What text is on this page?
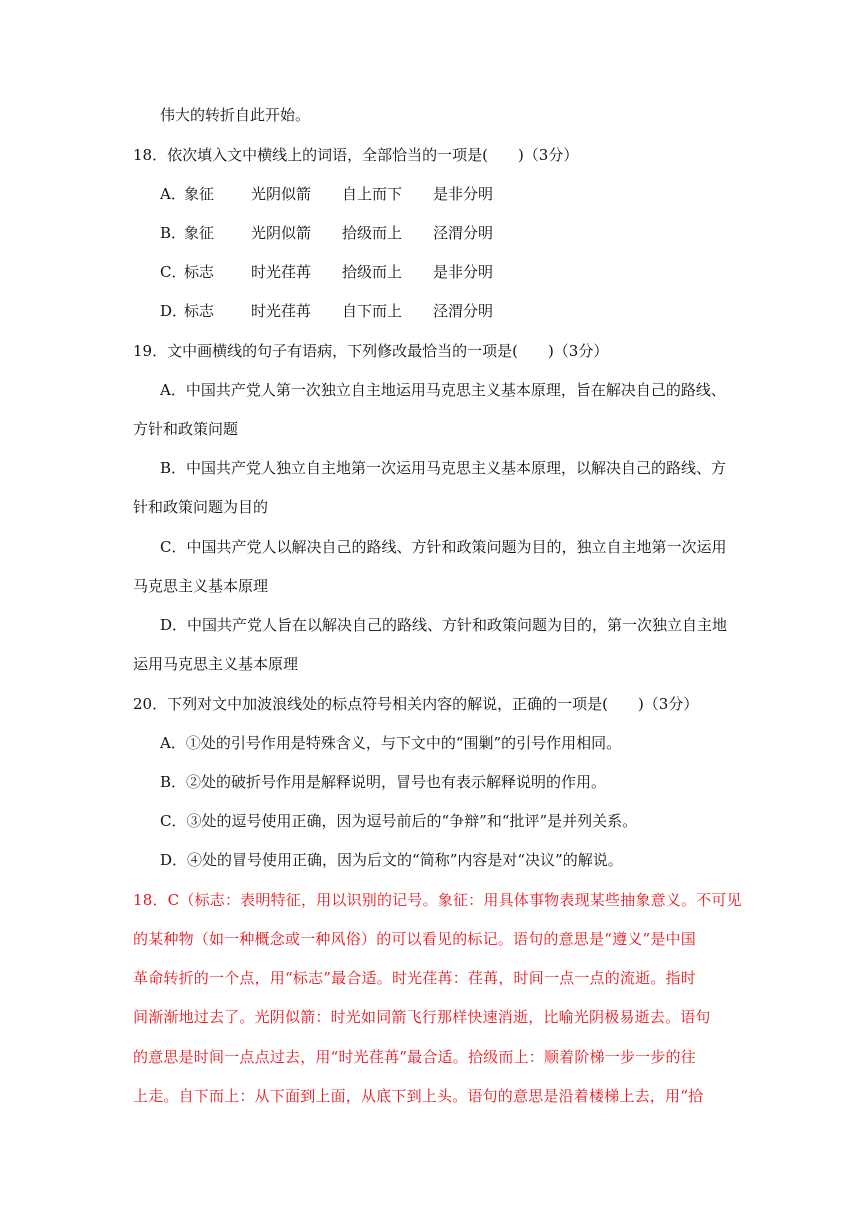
伟大的转折自此开始。
18．依次填入文中横线上的词语，全部恰当的一项是(　　)（3分）
A．
象征 光阴似箭 自上而下 是非分明
B．
象征 光阴似箭 拾级而上 泾渭分明
C．
标志 时光荏苒 拾级而上 是非分明
D．
标志 时光荏苒 自下而上 泾渭分明
19．文中画横线的句子有语病，下列修改最恰当的一项是(　　)（3分）
A．中国共产党人第一次独立自主地运用马克思主义基本原理，旨在解决自己的路线、
方针和政策问题
B．中国共产党人独立自主地第一次运用马克思主义基本原理，以解决自己的路线、方
针和政策问题为目的
C．中国共产党人以解决自己的路线、方针和政策问题为目的，独立自主地第一次运用
马克思主义基本原理
D．中国共产党人旨在以解决自己的路线、方针和政策问题为目的，第一次独立自主地
运用马克思主义基本原理
20．下列对文中加波浪线处的标点符号相关内容的解说，正确的一项是(　　)（3分）
A．①处的引号作用是特殊含义，与下文中的“围剿”的引号作用相同。
B．②处的破折号作用是解释说明，冒号也有表示解释说明的作用。
C．③处的逗号使用正确，因为逗号前后的“争辩”和“批评”是并列关系。
D．④处的冒号使用正确，因为后文的“简称”内容是对“决议”的解说。
18．C（标志：表明特征，用以识别的记号。象征：用具体事物表现某些抽象意义。不可见
的某种物（如一种概念或一种风俗）的可以看见的标记。语句的意思是“遵义”是中国
革命转折的一个点，用“标志”最合适。时光荏苒：荏苒，时间一点一点的流逝。指时
间渐渐地过去了。光阴似箭：时光如同箭飞行那样快速消逝，比喻光阴极易逝去。语句
的意思是时间一点点过去，用“时光荏苒”最合适。拾级而上：顺着阶梯一步一步的往
上走。自下而上：从下面到上面，从底下到上头。语句的意思是沿着楼梯上去，用“拾
